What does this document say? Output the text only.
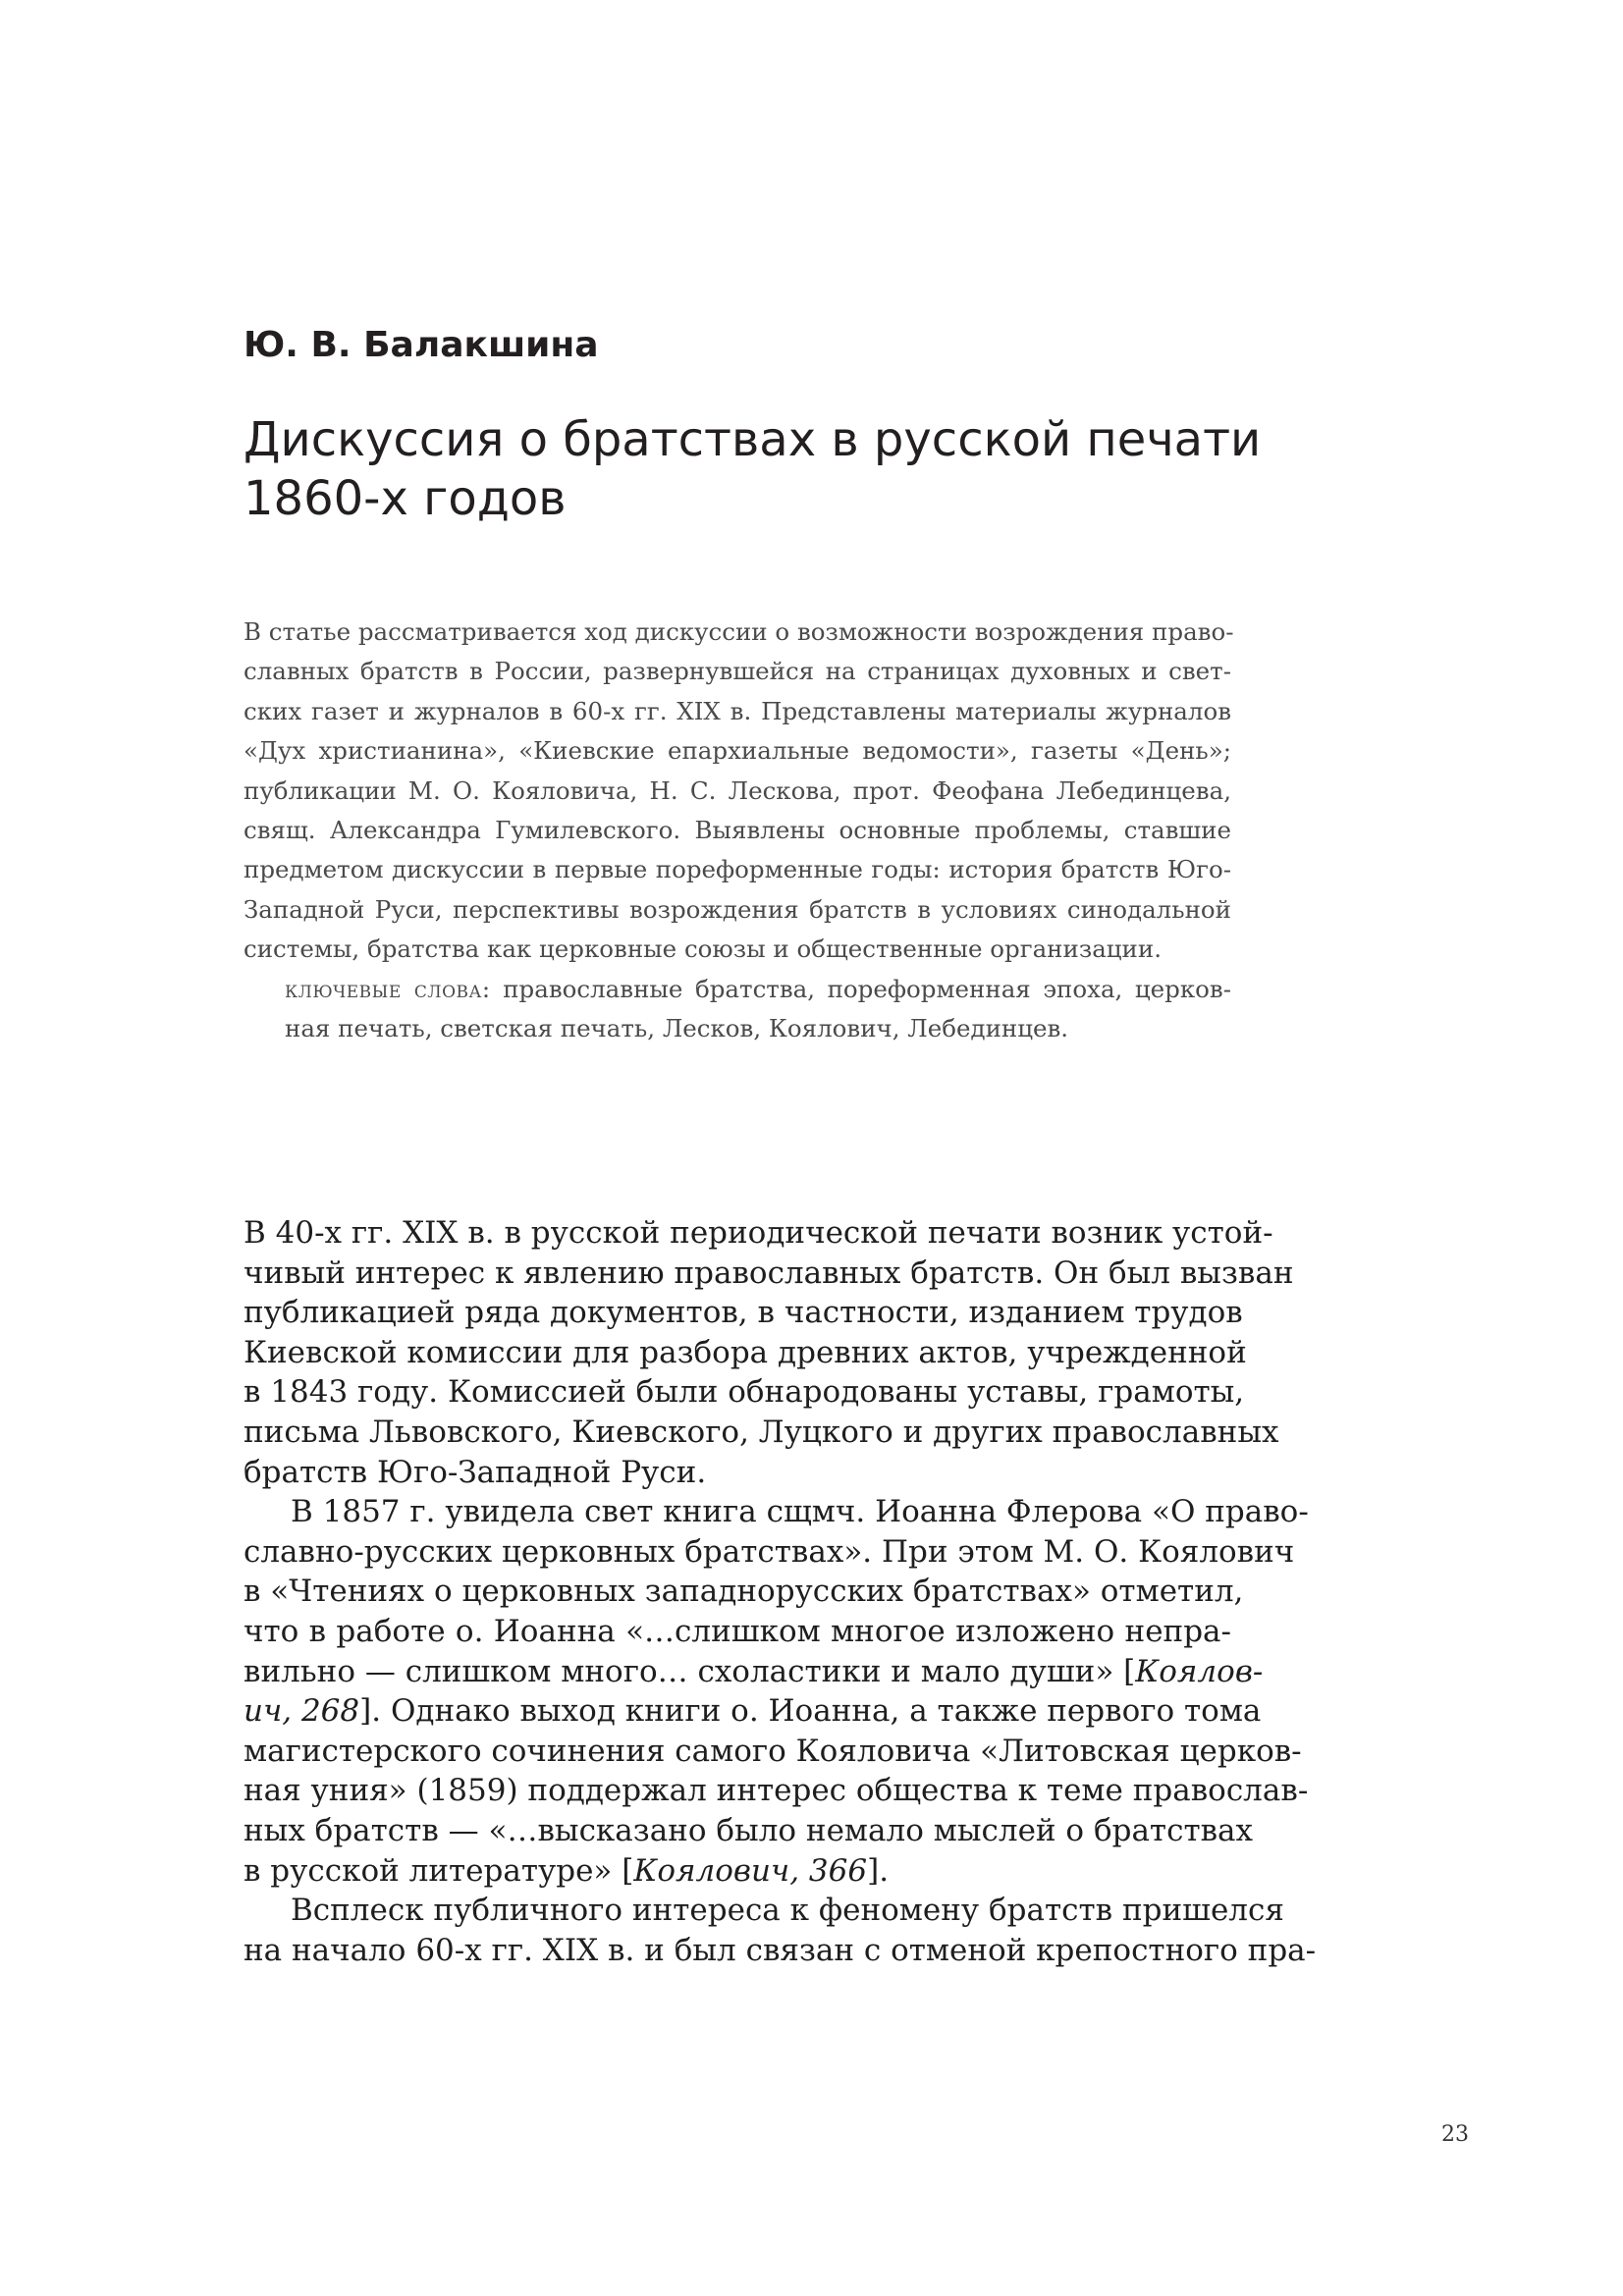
Ю. В. Балакшина
Дискуссия о братствах в русской печати
1860-х годов
В статье рассматривается ход дискуссии о возможности возрождения право-
славных братств в России, развернувшейся на страницах духовных и свет-
ских газет и журналов в 60-х гг. XIX в. Представлены материалы журналов
«Дух христианина», «Киевские епархиальные ведомости», газеты «День»;
публикации М. О. Кояловича, Н. С. Лескова, прот. Феофана Лебединцева,
свящ. Александра Гумилевского. Выявлены основные проблемы, ставшие
предметом дискуссии в первые пореформенные годы: история братств Юго-
Западной Руси, перспективы возрождения братств в условиях синодальной
системы, братства как церковные союзы и общественные организации.
ключевые слова: православные братства, пореформенная эпоха, церков-
ная печать, светская печать, Лесков, Коялович, Лебединцев.
В 40-х гг. XIX в. в русской периодической печати возник устой-
чивый интерес к явлению православных братств. Он был вызван
публикацией ряда документов, в частности, изданием трудов
Киевской комиссии для разбора древних актов, учрежденной
в 1843 году. Комиссией были обнародованы уставы, грамоты,
письма Львовского, Киевского, Луцкого и других православных
братств Юго-Западной Руси.
В 1857 г. увидела свет книга сщмч. Иоанна Флерова «О право-
славно-русских церковных братствах». При этом М. О. Коялович
в «Чтениях о церковных западнорусских братствах» отметил,
что в работе о. Иоанна «…слишком многое изложено непра-
вильно — слишком много… схоластики и мало души» [Коялов-
ич, 268]. Однако выход книги о. Иоанна, а также первого тома
магистерского сочинения самого Кояловича «Литовская церков-
ная уния» (1859) поддержал интерес общества к теме православ-
ных братств — «…высказано было немало мыслей о братствах
в русской литературе» [Коялович, 366].
Всплеск публичного интереса к феномену братств пришелся
на начало 60-х гг. XIX в. и был связан с отменой крепостного пра-
23
